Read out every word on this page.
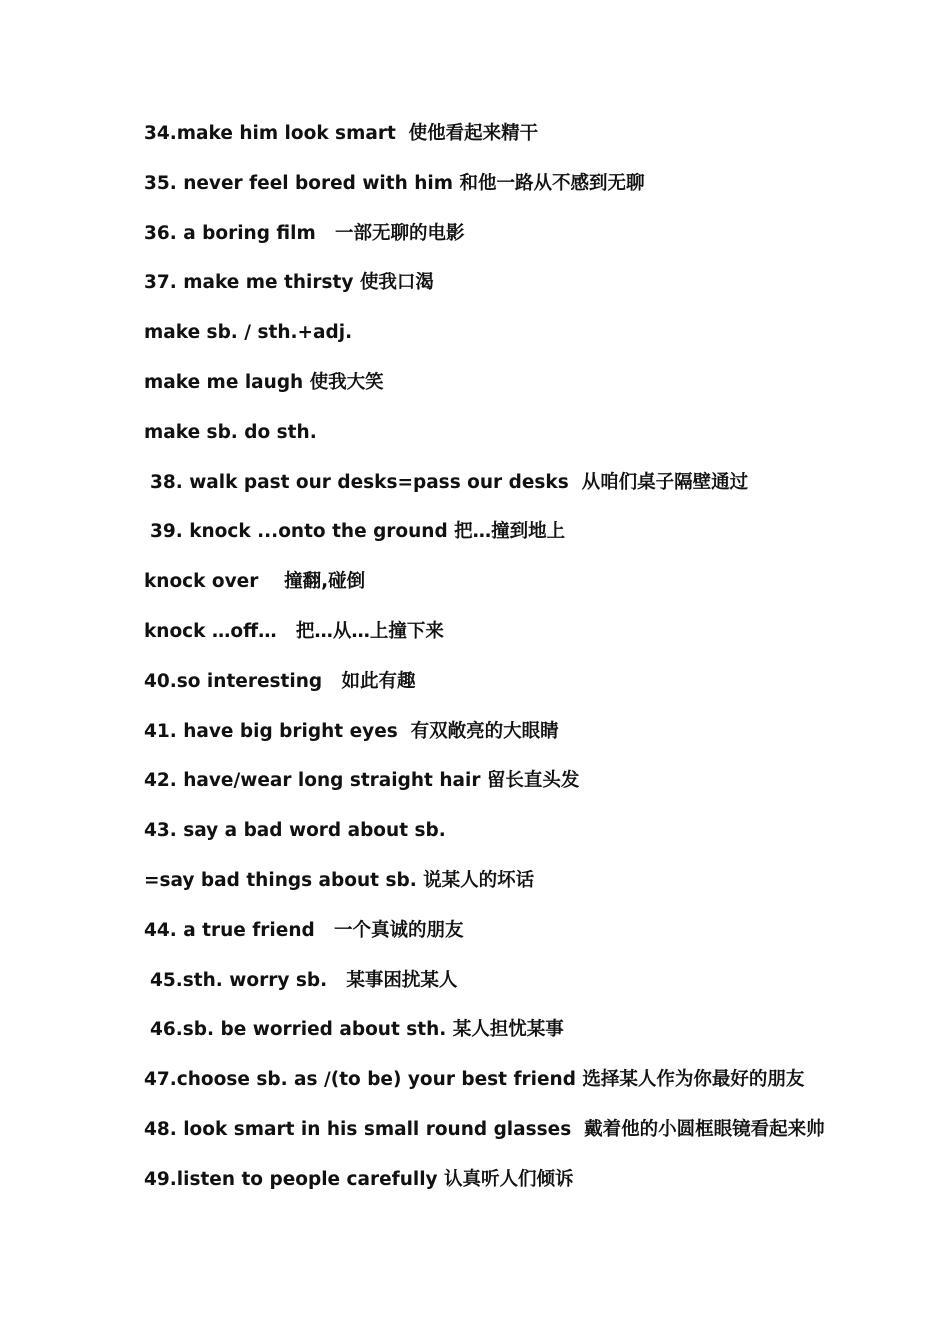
34.make him look smart  使他看起来精干
35. never feel bored with him 和他一路从不感到无聊
36. a boring film   一部无聊的电影
37. make me thirsty 使我口渴
make sb. / sth.+adj.
make me laugh 使我大笑
make sb. do sth.
38. walk past our desks=pass our desks  从咱们桌子隔壁通过
39. knock ...onto the ground 把…撞到地上
knock over    撞翻,碰倒
knock …off…   把…从…上撞下来
40.so interesting   如此有趣
41. have big bright eyes  有双敞亮的大眼睛
42. have/wear long straight hair 留长直头发
43. say a bad word about sb.
=say bad things about sb. 说某人的坏话
44. a true friend   一个真诚的朋友
45.sth. worry sb.   某事困扰某人
46.sb. be worried about sth. 某人担忧某事
47.choose sb. as /(to be) your best friend 选择某人作为你最好的朋友
48. look smart in his small round glasses  戴着他的小圆框眼镜看起来帅
49.listen to people carefully 认真听人们倾诉
